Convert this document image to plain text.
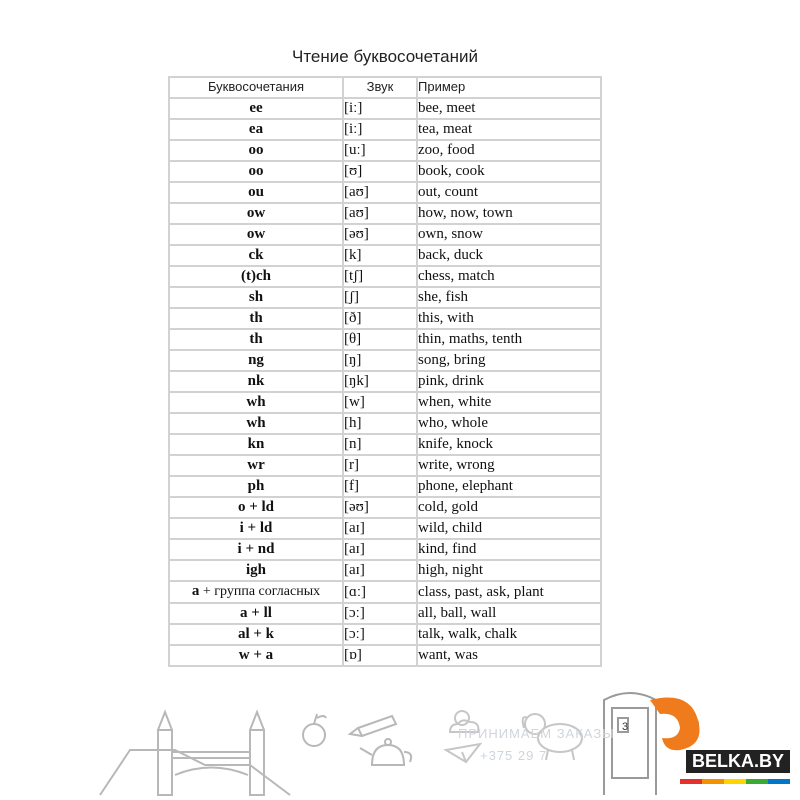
Чтение буквосочетаний
Буквосочетания	Звук	Пример
ee	[iː]	bee, meet
ea	[iː]	tea, meat
oo	[uː]	zoo, food
oo	[ʊ]	book, cook
ou	[aʊ]	out, count
ow	[aʊ]	how, now, town
ow	[əʊ]	own, snow
ck	[k]	back, duck
(t)ch	[tʃ]	chess, match
sh	[ʃ]	she, fish
th	[ð]	this, with
th	[θ]	thin, maths, tenth
ng	[ŋ]	song, bring
nk	[ŋk]	pink, drink
wh	[w]	when, white
wh	[h]	who, whole
kn	[n]	knife, knock
wr	[r]	write, wrong
ph	[f]	phone, elephant
o + ld	[əʊ]	cold, gold
i + ld	[aɪ]	wild, child
i + nd	[aɪ]	kind, find
igh	[aɪ]	high, night
a + группа согласных	[ɑː]	class, past, ask, plant
a + ll	[ɔː]	all, ball, wall
al + k	[ɔː]	talk, walk, chalk
w + a	[ɒ]	want, was
3
ПРИНИМАЕМ ЗАКАЗЫ
+375 29 7	BELKA.BY
